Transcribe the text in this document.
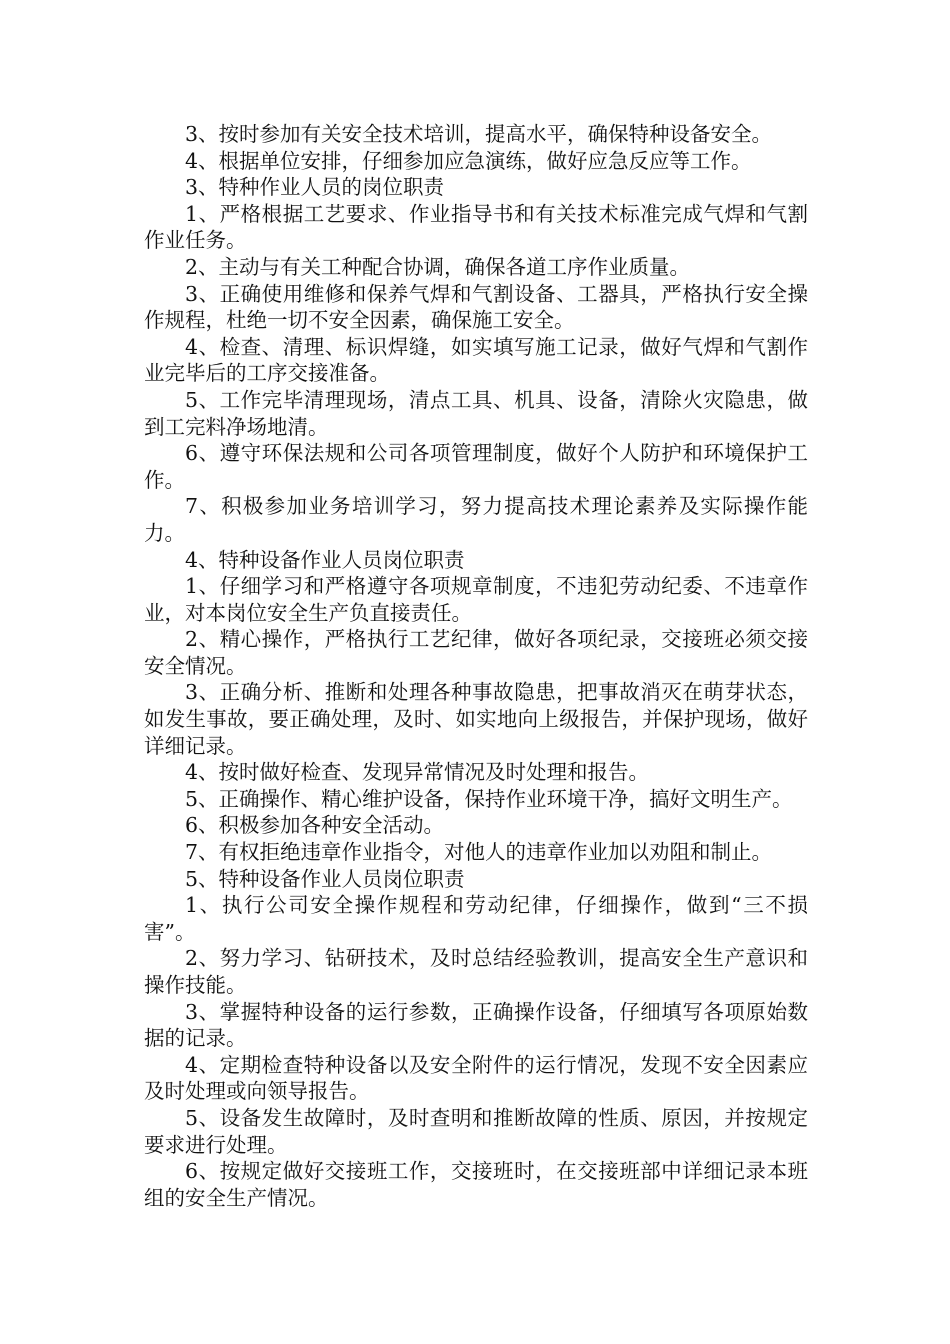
3、按时参加有关安全技术培训，提高水平，确保特种设备安全。

4、根据单位安排，仔细参加应急演练，做好应急反应等工作。

3、特种作业人员的岗位职责

1、严格根据工艺要求、作业指导书和有关技术标准完成气焊和气割作业任务。

2、主动与有关工种配合协调，确保各道工序作业质量。

3、正确使用维修和保养气焊和气割设备、工器具，严格执行安全操作规程，杜绝一切不安全因素，确保施工安全。

4、检查、清理、标识焊缝，如实填写施工记录，做好气焊和气割作业完毕后的工序交接准备。

5、工作完毕清理现场，清点工具、机具、设备，清除火灾隐患，做到工完料净场地清。

6、遵守环保法规和公司各项管理制度，做好个人防护和环境保护工作。

7、积极参加业务培训学习，努力提高技术理论素养及实际操作能力。

4、特种设备作业人员岗位职责

1、仔细学习和严格遵守各项规章制度，不违犯劳动纪委、不违章作业，对本岗位安全生产负直接责任。

2、精心操作，严格执行工艺纪律，做好各项纪录，交接班必须交接安全情况。

3、正确分析、推断和处理各种事故隐患，把事故消灭在萌芽状态，如发生事故，要正确处理，及时、如实地向上级报告，并保护现场，做好详细记录。

4、按时做好检查、发现异常情况及时处理和报告。

5、正确操作、精心维护设备，保持作业环境干净，搞好文明生产。

6、积极参加各种安全活动。

7、有权拒绝违章作业指令，对他人的违章作业加以劝阻和制止。

5、特种设备作业人员岗位职责

1、执行公司安全操作规程和劳动纪律，仔细操作，做到“三不损害”。

2、努力学习、钻研技术，及时总结经验教训，提高安全生产意识和操作技能。

3、掌握特种设备的运行参数，正确操作设备，仔细填写各项原始数据的记录。

4、定期检查特种设备以及安全附件的运行情况，发现不安全因素应及时处理或向领导报告。

5、设备发生故障时，及时查明和推断故障的性质、原因，并按规定要求进行处理。

6、按规定做好交接班工作，交接班时，在交接班部中详细记录本班组的安全生产情况。
